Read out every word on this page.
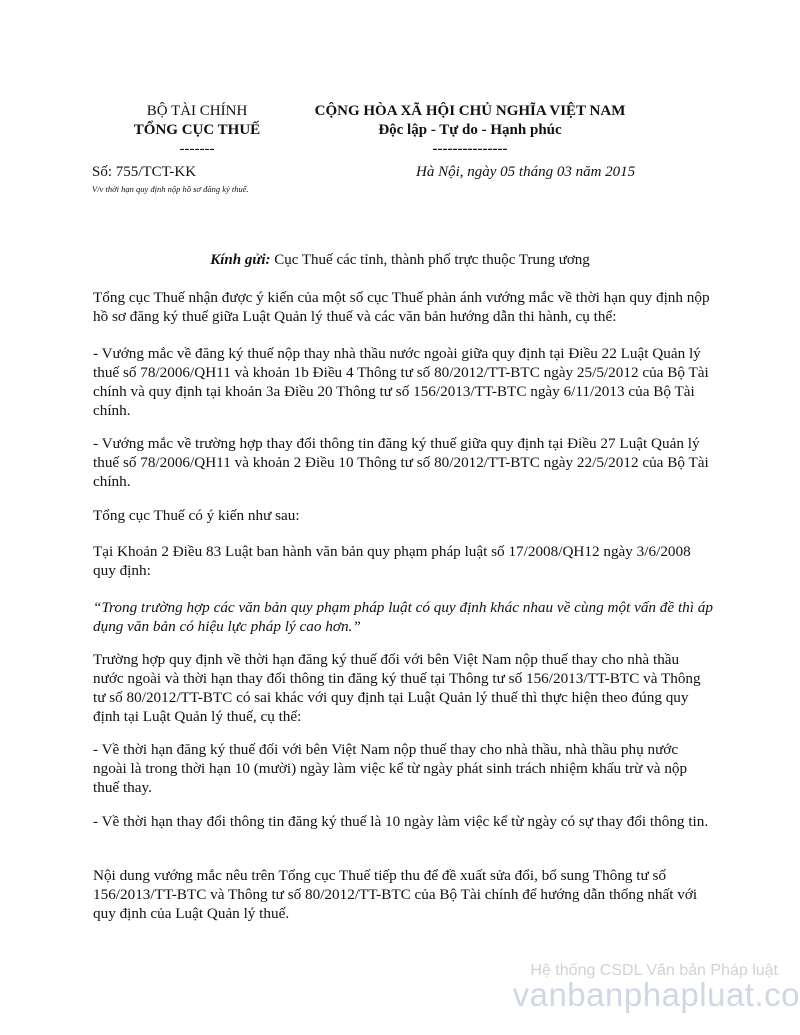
BỘ TÀI CHÍNH
TỔNG CỤC THUẾ
-------
CỘNG HÒA XÃ HỘI CHỦ NGHĨA VIỆT NAM
Độc lập - Tự do - Hạnh phúc
---------------
Số: 755/TCT-KK
V/v thời hạn quy định nộp hồ sơ đăng ký thuế.
Hà Nội, ngày 05 tháng 03 năm 2015
Kính gửi: Cục Thuế các tỉnh, thành phố trực thuộc Trung ương

Tổng cục Thuế nhận được ý kiến của một số cục Thuế phản ánh vướng mắc về thời hạn quy định nộp hồ sơ đăng ký thuế giữa Luật Quản lý thuế và các văn bản hướng dẫn thi hành, cụ thể:

- Vướng mắc về đăng ký thuế nộp thay nhà thầu nước ngoài giữa quy định tại Điều 22 Luật Quản lý thuế số 78/2006/QH11 và khoản 1b Điều 4 Thông tư số 80/2012/TT-BTC ngày 25/5/2012 của Bộ Tài chính và quy định tại khoản 3a Điều 20 Thông tư số 156/2013/TT-BTC ngày 6/11/2013 của Bộ Tài chính.

- Vướng mắc về trường hợp thay đổi thông tin đăng ký thuế giữa quy định tại Điều 27 Luật Quản lý thuế số 78/2006/QH11 và khoản 2 Điều 10 Thông tư số 80/2012/TT-BTC ngày 22/5/2012 của Bộ Tài chính.

Tổng cục Thuế có ý kiến như sau:

Tại Khoản 2 Điều 83 Luật ban hành văn bản quy phạm pháp luật số 17/2008/QH12 ngày 3/6/2008 quy định:

“Trong trường hợp các văn bản quy phạm pháp luật có quy định khác nhau về cùng một vấn đề thì áp dụng văn bản có hiệu lực pháp lý cao hơn.”

Trường hợp quy định về thời hạn đăng ký thuế đối với bên Việt Nam nộp thuế thay cho nhà thầu nước ngoài và thời hạn thay đổi thông tin đăng ký thuế tại Thông tư số 156/2013/TT-BTC và Thông tư số 80/2012/TT-BTC có sai khác với quy định tại Luật Quản lý thuế thì thực hiện theo đúng quy định tại Luật Quản lý thuế, cụ thể:

- Về thời hạn đăng ký thuế đối với bên Việt Nam nộp thuế thay cho nhà thầu, nhà thầu phụ nước ngoài là trong thời hạn 10 (mười) ngày làm việc kể từ ngày phát sinh trách nhiệm khấu trừ và nộp thuế thay.

- Về thời hạn thay đổi thông tin đăng ký thuế là 10 ngày làm việc kể từ ngày có sự thay đổi thông tin.

Nội dung vướng mắc nêu trên Tổng cục Thuế tiếp thu để đề xuất sửa đổi, bổ sung Thông tư số 156/2013/TT-BTC và Thông tư số 80/2012/TT-BTC của Bộ Tài chính để hướng dẫn thống nhất với quy định của Luật Quản lý thuế.

Hệ thống CSDL Văn bản Pháp luật
vanbanphapluat.co
